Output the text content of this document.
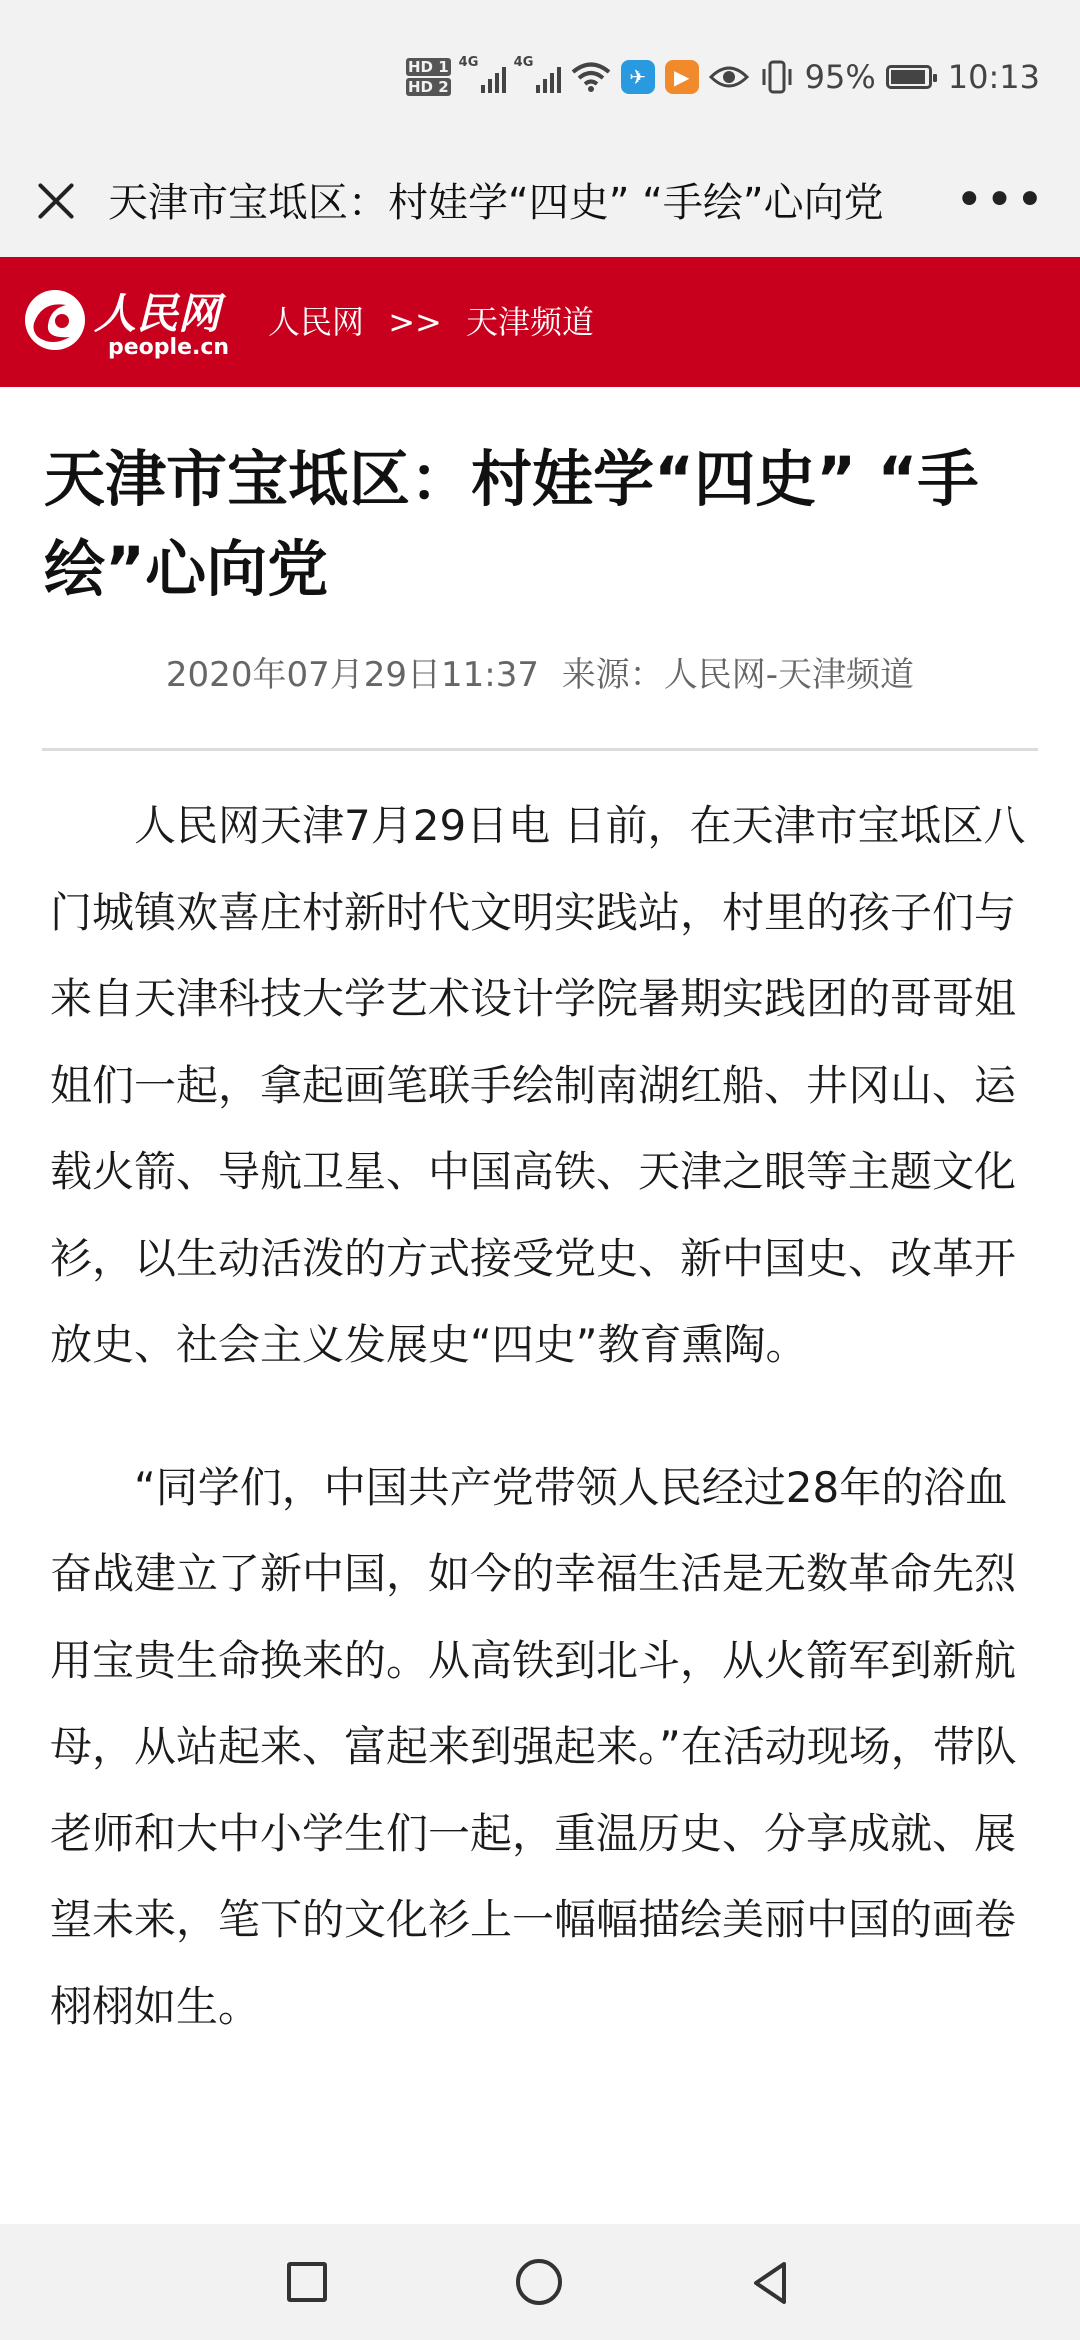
HD 1
HD 2
4G	4G
✈	▶	95% 10:13
天津市宝坻区：村娃学“四史” “手绘”心向党	•••
人民网
people.cn
人民网 >> 天津频道
天津市宝坻区：村娃学“四史” “手绘”心向党
2020年07月29日11:37 来源：人民网-天津频道
人民网天津7月29日电 日前，在天津市宝坻区八门城镇欢喜庄村新时代文明实践站，村里的孩子们与来自天津科技大学艺术设计学院暑期实践团的哥哥姐姐们一起，拿起画笔联手绘制南湖红船、井冈山、运载火箭、导航卫星、中国高铁、天津之眼等主题文化衫，以生动活泼的方式接受党史、新中国史、改革开放史、社会主义发展史“四史”教育熏陶。
“同学们，中国共产党带领人民经过28年的浴血奋战建立了新中国，如今的幸福生活是无数革命先烈用宝贵生命换来的。从高铁到北斗，从火箭军到新航母，从站起来、富起来到强起来。”在活动现场，带队老师和大中小学生们一起，重温历史、分享成就、展望未来，笔下的文化衫上一幅幅描绘美丽中国的画卷栩栩如生。
